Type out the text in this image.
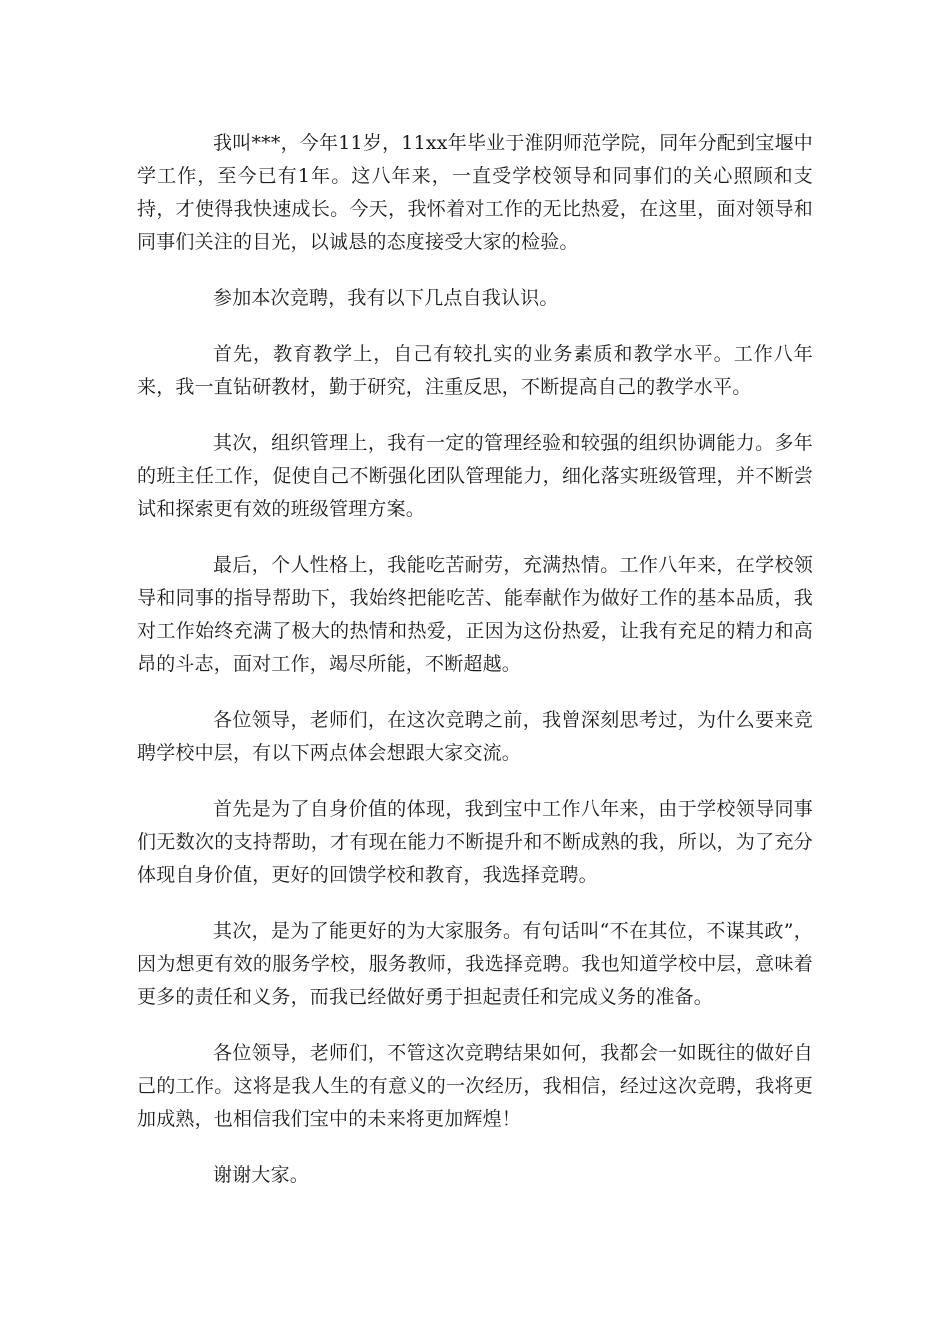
我叫***，今年11岁，11xx年毕业于淮阴师范学院，同年分配到宝堰中学工作，至今已有1年。这八年来，一直受学校领导和同事们的关心照顾和支持，才使得我快速成长。今天，我怀着对工作的无比热爱，在这里，面对领导和同事们关注的目光，以诚恳的态度接受大家的检验。

参加本次竞聘，我有以下几点自我认识。

首先，教育教学上，自己有较扎实的业务素质和教学水平。工作八年来，我一直钻研教材，勤于研究，注重反思，不断提高自己的教学水平。

其次，组织管理上，我有一定的管理经验和较强的组织协调能力。多年的班主任工作，促使自己不断强化团队管理能力，细化落实班级管理，并不断尝试和探索更有效的班级管理方案。

最后，个人性格上，我能吃苦耐劳，充满热情。工作八年来，在学校领导和同事的指导帮助下，我始终把能吃苦、能奉献作为做好工作的基本品质，我对工作始终充满了极大的热情和热爱，正因为这份热爱，让我有充足的精力和高昂的斗志，面对工作，竭尽所能，不断超越。

各位领导，老师们，在这次竞聘之前，我曾深刻思考过，为什么要来竞聘学校中层，有以下两点体会想跟大家交流。

首先是为了自身价值的体现，我到宝中工作八年来，由于学校领导同事们无数次的支持帮助，才有现在能力不断提升和不断成熟的我，所以，为了充分体现自身价值，更好的回馈学校和教育，我选择竞聘。

其次，是为了能更好的为大家服务。有句话叫“不在其位，不谋其政”，因为想更有效的服务学校，服务教师，我选择竞聘。我也知道学校中层，意味着更多的责任和义务，而我已经做好勇于担起责任和完成义务的准备。

各位领导，老师们，不管这次竞聘结果如何，我都会一如既往的做好自己的工作。这将是我人生的有意义的一次经历，我相信，经过这次竞聘，我将更加成熟，也相信我们宝中的未来将更加辉煌！

谢谢大家。
